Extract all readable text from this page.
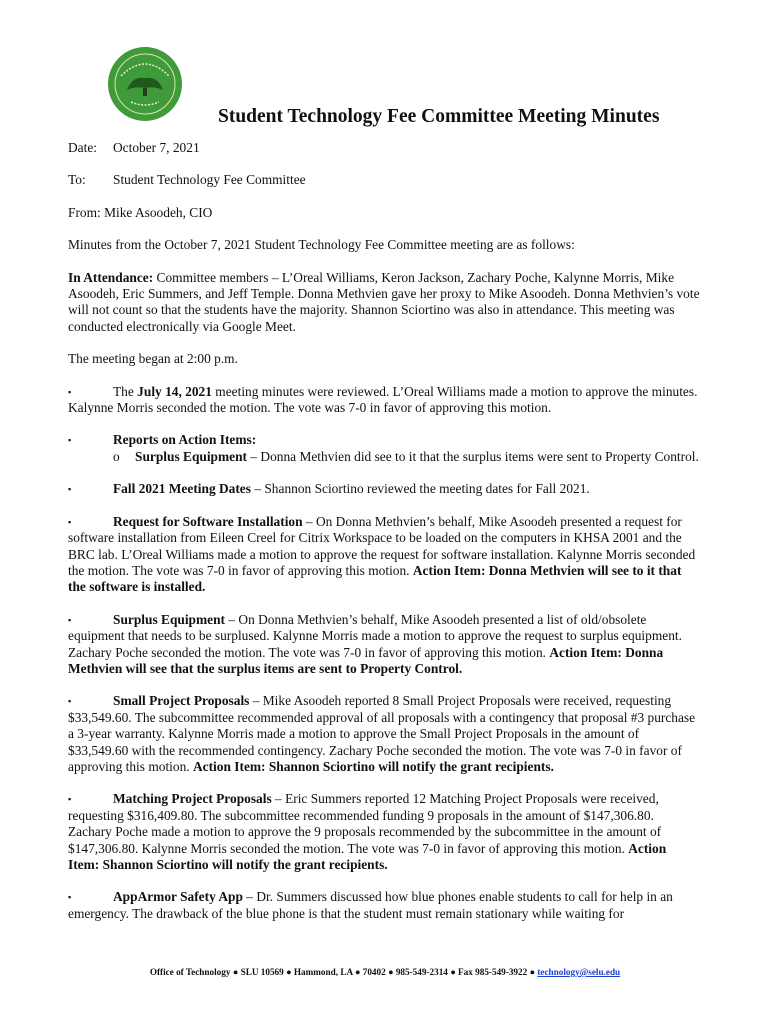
Student Technology Fee Committee Meeting Minutes
Date:	October 7, 2021
To:	Student Technology Fee Committee
From:
Mike Asoodeh, CIO

Minutes from the October 7, 2021 Student Technology Fee Committee meeting are as follows:

In Attendance: Committee members – L’Oreal Williams, Keron Jackson, Zachary Poche, Kalynne Morris, Mike Asoodeh, Eric Summers, and Jeff Temple. Donna Methvien gave her proxy to Mike Asoodeh. Donna Methvien’s vote will not count so that the students have the majority. Shannon Sciortino was also in attendance. This meeting was conducted electronically via Google Meet.

The meeting began at 2:00 p.m.

▪	The July 14, 2021 meeting minutes were reviewed. L’Oreal Williams made a motion to approve the minutes. Kalynne Morris seconded the motion. The vote was 7-0 in favor of approving this motion.

▪	Reports on Action Items:

o	Surplus Equipment – Donna Methvien did see to it that the surplus items were sent to Property Control.

▪	Fall 2021 Meeting Dates – Shannon Sciortino reviewed the meeting dates for Fall 2021.

▪	Request for Software Installation – On Donna Methvien’s behalf, Mike Asoodeh presented a request for software installation from Eileen Creel for Citrix Workspace to be loaded on the computers in KHSA 2001 and the BRC lab. L’Oreal Williams made a motion to approve the request for software installation. Kalynne Morris seconded the motion. The vote was 7-0 in favor of approving this motion. Action Item: Donna Methvien will see to it that the software is installed.

▪	Surplus Equipment – On Donna Methvien’s behalf, Mike Asoodeh presented a list of old/obsolete equipment that needs to be surplused. Kalynne Morris made a motion to approve the request to surplus equipment. Zachary Poche seconded the motion. The vote was 7-0 in favor of approving this motion. Action Item: Donna Methvien will see that the surplus items are sent to Property Control.

▪	Small Project Proposals – Mike Asoodeh reported 8 Small Project Proposals were received, requesting $33,549.60. The subcommittee recommended approval of all proposals with a contingency that proposal #3 purchase a 3-year warranty. Kalynne Morris made a motion to approve the Small Project Proposals in the amount of $33,549.60 with the recommended contingency. Zachary Poche seconded the motion. The vote was 7-0 in favor of approving this motion. Action Item: Shannon Sciortino will notify the grant recipients.

▪	Matching Project Proposals – Eric Summers reported 12 Matching Project Proposals were received, requesting $316,409.80. The subcommittee recommended funding 9 proposals in the amount of $147,306.80. Zachary Poche made a motion to approve the 9 proposals recommended by the subcommittee in the amount of $147,306.80. Kalynne Morris seconded the motion. The vote was 7-0 in favor of approving this motion. Action Item: Shannon Sciortino will notify the grant recipients.

▪	AppArmor Safety App – Dr. Summers discussed how blue phones enable students to call for help in an emergency. The drawback of the blue phone is that the student must remain stationary while waiting for

Office of Technology ● SLU 10569 ● Hammond, LA ● 70402 ● 985-549-2314 ● Fax 985-549-3922 ● technology@selu.edu
